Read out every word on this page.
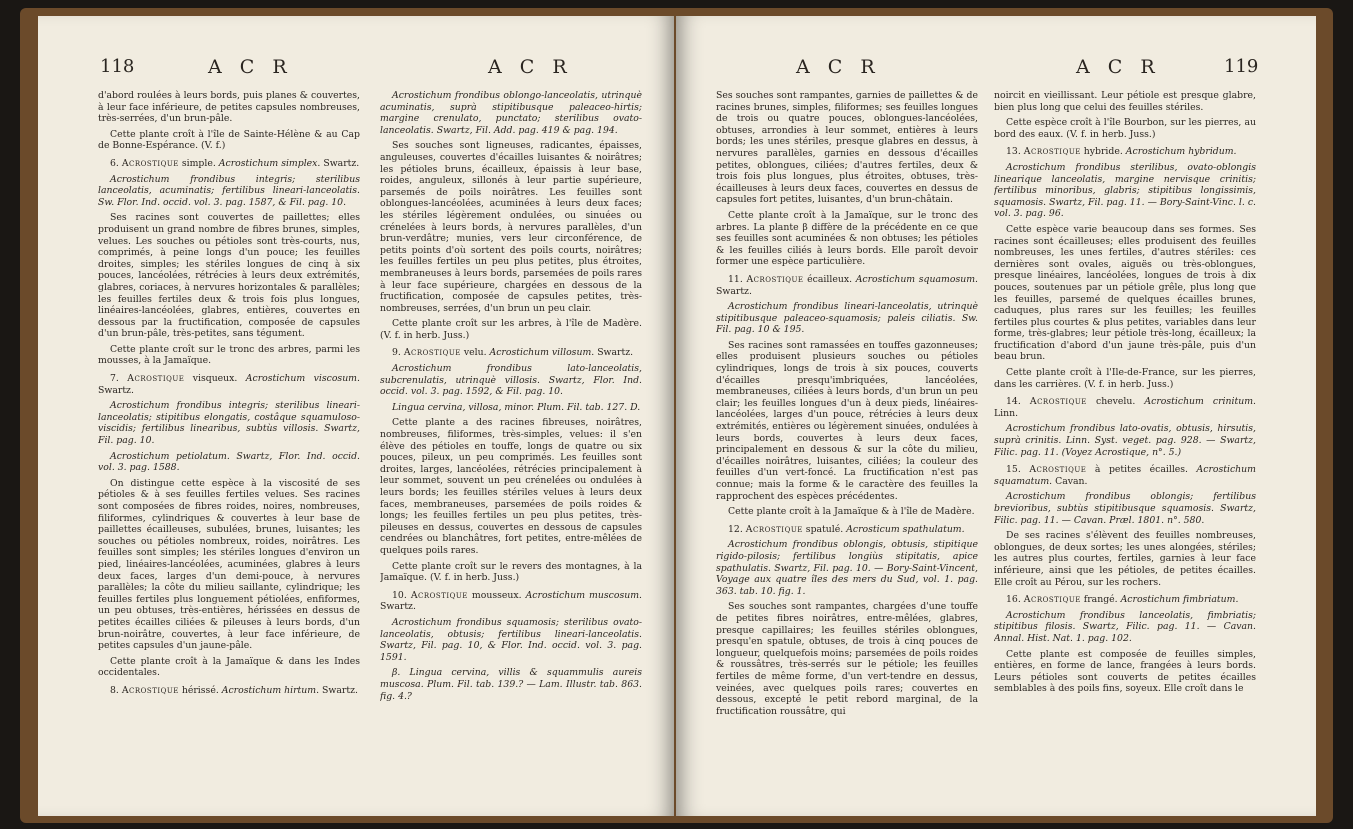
118	A C R	A C R

d'abord roulées à leurs bords, puis planes & couvertes, à leur face inférieure, de petites capsules nombreuses, très-serrées, d'un brun-pâle.

Cette plante croît à l'île de Sainte-Hélène & au Cap de Bonne-Espérance. (V. f.)

6. Acrostique simple. Acrostichum simplex. Swartz.

Acrostichum frondibus integris; sterilibus lanceolatis, acuminatis; fertilibus lineari-lanceolatis. Sw. Flor. Ind. occid. vol. 3. pag. 1587, & Fil. pag. 10.

Ses racines sont couvertes de paillettes; elles produisent un grand nombre de fibres brunes, simples, velues. Les souches ou pétioles sont très-courts, nus, comprimés, à peine longs d'un pouce; les feuilles droites, simples; les stériles longues de cinq à six pouces, lancéolées, rétrécies à leurs deux extrémités, glabres, coriaces, à nervures horizontales & parallèles; les feuilles fertiles deux & trois fois plus longues, linéaires-lancéolées, glabres, entières, couvertes en dessous par la fructification, composée de capsules d'un brun-pâle, très-petites, sans tégument.

Cette plante croît sur le tronc des arbres, parmi les mousses, à la Jamaïque.

7. Acrostique visqueux. Acrostichum viscosum. Swartz.

Acrostichum frondibus integris; sterilibus lineari-lanceolatis; stipitibus elongatis, costâque squamuloso-viscidis; fertilibus linearibus, subtùs villosis. Swartz, Fil. pag. 10.

Acrostichum petiolatum. Swartz, Flor. Ind. occid. vol. 3. pag. 1588.

On distingue cette espèce à la viscosité de ses pétioles & à ses feuilles fertiles velues. Ses racines sont composées de fibres roides, noires, nombreuses, filiformes, cylindriques & couvertes à leur base de paillettes écailleuses, subulées, brunes, luisantes; les souches ou pétioles nombreux, roides, noirâtres. Les feuilles sont simples; les stériles longues d'environ un pied, linéaires-lancéolées, acuminées, glabres à leurs deux faces, larges d'un demi-pouce, à nervures parallèles; la côte du milieu saillante, cylindrique; les feuilles fertiles plus longuement pétiolées, enfiformes, un peu obtuses, très-entières, hérissées en dessus de petites écailles ciliées & pileuses à leurs bords, d'un brun-noirâtre, couvertes, à leur face inférieure, de petites capsules d'un jaune-pâle.

Cette plante croît à la Jamaïque & dans les Indes occidentales.

8. Acrostique hérissé. Acrostichum hirtum. Swartz.

Acrostichum frondibus oblongo-lanceolatis, utrinquè acuminatis, suprà stipitibusque paleaceo-hirtis; margine crenulato, punctato; sterilibus ovato-lanceolatis. Swartz, Fil. Add. pag. 419 & pag. 194.

Ses souches sont ligneuses, radicantes, épaisses, anguleuses, couvertes d'écailles luisantes & noirâtres; les pétioles bruns, écailleux, épaissis à leur base, roides, anguleux, sillonés à leur partie supérieure, parsemés de poils noirâtres. Les feuilles sont oblongues-lancéolées, acuminées à leurs deux faces; les stériles légèrement ondulées, ou sinuées ou crénelées à leurs bords, à nervures parallèles, d'un brun-verdâtre; munies, vers leur circonférence, de petits points d'où sortent des poils courts, noirâtres; les feuilles fertiles un peu plus petites, plus étroites, membraneuses à leurs bords, parsemées de poils rares à leur face supérieure, chargées en dessous de la fructification, composée de capsules petites, très-nombreuses, serrées, d'un brun un peu clair.

Cette plante croît sur les arbres, à l'île de Madère. (V. f. in herb. Juss.)

9. Acrostique velu. Acrostichum villosum. Swartz.

Acrostichum frondibus lato-lanceolatis, subcrenulatis, utrinquè villosis. Swartz, Flor. Ind. occid. vol. 3. pag. 1592, & Fil. pag. 10.

Lingua cervina, villosa, minor. Plum. Fil. tab. 127. D.

Cette plante a des racines fibreuses, noirâtres, nombreuses, filiformes, très-simples, velues: il s'en élève des pétioles en touffe, longs de quatre ou six pouces, pileux, un peu comprimés. Les feuilles sont droites, larges, lancéolées, rétrécies principalement à leur sommet, souvent un peu crénelées ou ondulées à leurs bords; les feuilles stériles velues à leurs deux faces, membraneuses, parsemées de poils roides & longs; les feuilles fertiles un peu plus petites, très-pileuses en dessus, couvertes en dessous de capsules cendrées ou blanchâtres, fort petites, entre-mêlées de quelques poils rares.

Cette plante croît sur le revers des montagnes, à la Jamaïque. (V. f. in herb. Juss.)

10. Acrostique mousseux. Acrostichum muscosum. Swartz.

Acrostichum frondibus squamosis; sterilibus ovato-lanceolatis, obtusis; fertilibus lineari-lanceolatis. Swartz, Fil. pag. 10, & Flor. Ind. occid. vol. 3. pag. 1591.

β. Lingua cervina, villis & squammulis aureis muscosa. Plum. Fil. tab. 139.? — Lam. Illustr. tab. 863. fig. 4.?

A C R	A C R	119

Ses souches sont rampantes, garnies de paillettes & de racines brunes, simples, filiformes; ses feuilles longues de trois ou quatre pouces, oblongues-lancéolées, obtuses, arrondies à leur sommet, entières à leurs bords; les unes stériles, presque glabres en dessus, à nervures parallèles, garnies en dessous d'écailles petites, oblongues, ciliées; d'autres fertiles, deux & trois fois plus longues, plus étroites, obtuses, très-écailleuses à leurs deux faces, couvertes en dessus de capsules fort petites, luisantes, d'un brun-châtain.

Cette plante croît à la Jamaïque, sur le tronc des arbres. La plante β diffère de la précédente en ce que ses feuilles sont acuminées & non obtuses; les pétioles & les feuilles ciliés à leurs bords. Elle paroît devoir former une espèce particulière.

11. Acrostique écailleux. Acrostichum squamosum. Swartz.

Acrostichum frondibus lineari-lanceolatis, utrinquè stipitibusque paleaceo-squamosis; paleis ciliatis. Sw. Fil. pag. 10 & 195.

Ses racines sont ramassées en touffes gazonneuses; elles produisent plusieurs souches ou pétioles cylindriques, longs de trois à six pouces, couverts d'écailles presqu'imbriquées, lancéolées, membraneuses, ciliées à leurs bords, d'un brun un peu clair; les feuilles longues d'un à deux pieds, linéaires-lancéolées, larges d'un pouce, rétrécies à leurs deux extrémités, entières ou légèrement sinuées, ondulées à leurs bords, couvertes à leurs deux faces, principalement en dessous & sur la côte du milieu, d'écailles noirâtres, luisantes, ciliées; la couleur des feuilles d'un vert-foncé. La fructification n'est pas connue; mais la forme & le caractère des feuilles la rapprochent des espèces précédentes.

Cette plante croît à la Jamaïque & à l'île de Madère.

12. Acrostique spatulé. Acrosticum spathulatum.

Acrostichum frondibus oblongis, obtusis, stipitique rigido-pilosis; fertilibus longiùs stipitatis, apice spathulatis. Swartz, Fil. pag. 10. — Bory-Saint-Vincent, Voyage aux quatre îles des mers du Sud, vol. 1. pag. 363. tab. 10. fig. 1.

Ses souches sont rampantes, chargées d'une touffe de petites fibres noirâtres, entre-mêlées, glabres, presque capillaires; les feuilles stériles oblongues, presqu'en spatule, obtuses, de trois à cinq pouces de longueur, quelquefois moins; parsemées de poils roides & roussâtres, très-serrés sur le pétiole; les feuilles fertiles de même forme, d'un vert-tendre en dessus, veinées, avec quelques poils rares; couvertes en dessous, excepté le petit rebord marginal, de la fructification roussâtre, qui

noircit en vieillissant. Leur pétiole est presque glabre, bien plus long que celui des feuilles stériles.

Cette espèce croît à l'île Bourbon, sur les pierres, au bord des eaux. (V. f. in herb. Juss.)

13. Acrostique hybride. Acrostichum hybridum.

Acrostichum frondibus sterilibus, ovato-oblongis linearique lanceolatis, margine nervisque crinitis; fertilibus minoribus, glabris; stipitibus longissimis, squamosis. Swartz, Fil. pag. 11. — Bory-Saint-Vinc. l. c. vol. 3. pag. 96.

Cette espèce varie beaucoup dans ses formes. Ses racines sont écailleuses; elles produisent des feuilles nombreuses, les unes fertiles, d'autres stériles: ces dernières sont ovales, aiguës ou très-oblongues, presque linéaires, lancéolées, longues de trois à dix pouces, soutenues par un pétiole grêle, plus long que les feuilles, parsemé de quelques écailles brunes, caduques, plus rares sur les feuilles; les feuilles fertiles plus courtes & plus petites, variables dans leur forme, très-glabres; leur pétiole très-long, écailleux; la fructification d'abord d'un jaune très-pâle, puis d'un beau brun.

Cette plante croît à l'Ile-de-France, sur les pierres, dans les carrières. (V. f. in herb. Juss.)

14. Acrostique chevelu. Acrostichum crinitum. Linn.

Acrostichum frondibus lato-ovatis, obtusis, hirsutis, suprà crinitis. Linn. Syst. veget. pag. 928. — Swartz, Filic. pag. 11. (Voyez Acrostique, n°. 5.)

15. Acrostique à petites écailles. Acrostichum squamatum. Cavan.

Acrostichum frondibus oblongis; fertilibus brevioribus, subtùs stipitibusque squamosis. Swartz, Filic. pag. 11. — Cavan. Præl. 1801. n°. 580.

De ses racines s'élèvent des feuilles nombreuses, oblongues, de deux sortes; les unes alongées, stériles; les autres plus courtes, fertiles, garnies à leur face inférieure, ainsi que les pétioles, de petites écailles. Elle croît au Pérou, sur les rochers.

16. Acrostique frangé. Acrostichum fimbriatum.

Acrostichum frondibus lanceolatis, fimbriatis; stipitibus filosis. Swartz, Filic. pag. 11. — Cavan. Annal. Hist. Nat. 1. pag. 102.

Cette plante est composée de feuilles simples, entières, en forme de lance, frangées à leurs bords. Leurs pétioles sont couverts de petites écailles semblables à des poils fins, soyeux. Elle croît dans le
